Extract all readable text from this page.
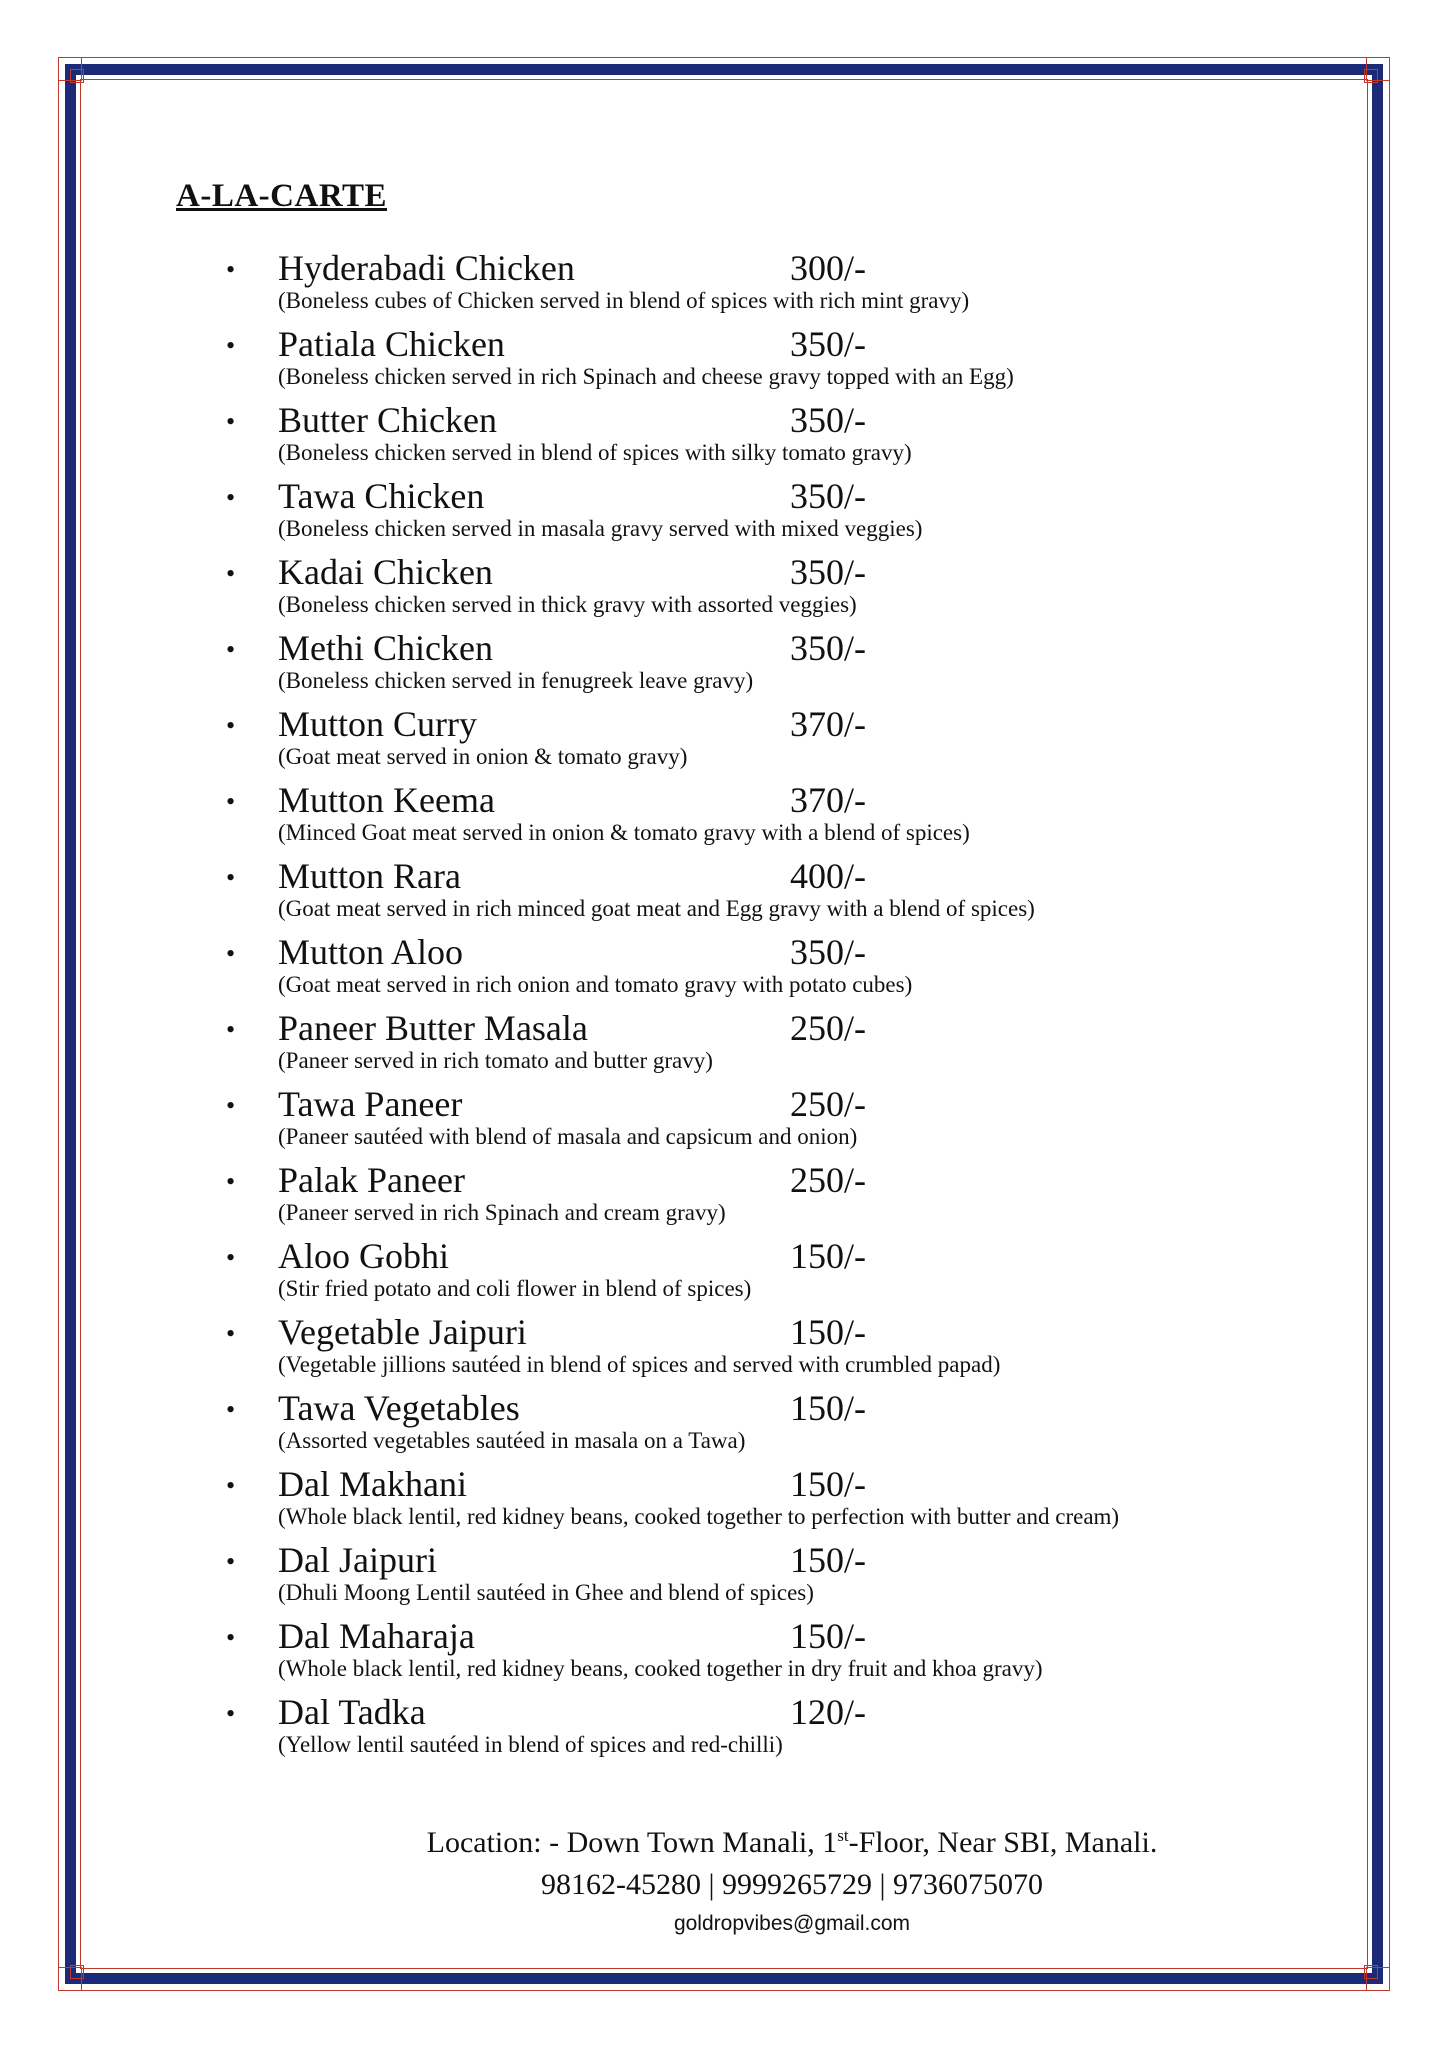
A-LA-CARTE
• Hyderabadi Chicken	300/-
(Boneless cubes of Chicken served in blend of spices with rich mint gravy)
• Patiala Chicken	350/-
(Boneless chicken served in rich Spinach and cheese gravy topped with an Egg)
• Butter Chicken	350/-
(Boneless chicken served in blend of spices with silky tomato gravy)
• Tawa Chicken	350/-
(Boneless chicken served in masala gravy served with mixed veggies)
• Kadai Chicken	350/-
(Boneless chicken served in thick gravy with assorted veggies)
• Methi Chicken	350/-
(Boneless chicken served in fenugreek leave gravy)
• Mutton Curry	370/-
(Goat meat served in onion & tomato gravy)
• Mutton Keema	370/-
(Minced Goat meat served in onion & tomato gravy with a blend of spices)
• Mutton Rara	400/-
(Goat meat served in rich minced goat meat and Egg gravy with a blend of spices)
• Mutton Aloo	350/-
(Goat meat served in rich onion and tomato gravy with potato cubes)
• Paneer Butter Masala	250/-
(Paneer served in rich tomato and butter gravy)
• Tawa Paneer	250/-
(Paneer sautéed with blend of masala and capsicum and onion)
• Palak Paneer	250/-
(Paneer served in rich Spinach and cream gravy)
• Aloo Gobhi	150/-
(Stir fried potato and coli flower in blend of spices)
• Vegetable Jaipuri	150/-
(Vegetable jillions sautéed in blend of spices and served with crumbled papad)
• Tawa Vegetables	150/-
(Assorted vegetables sautéed in masala on a Tawa)
• Dal Makhani	150/-
(Whole black lentil, red kidney beans, cooked together to perfection with butter and cream)
• Dal Jaipuri	150/-
(Dhuli Moong Lentil sautéed in Ghee and blend of spices)
• Dal Maharaja	150/-
(Whole black lentil, red kidney beans, cooked together in dry fruit and khoa gravy)
• Dal Tadka	120/-
(Yellow lentil sautéed in blend of spices and red-chilli)
Location: - Down Town Manali, 1st-Floor, Near SBI, Manali.
98162-45280 | 9999265729 | 9736075070
goldropvibes@gmail.com
